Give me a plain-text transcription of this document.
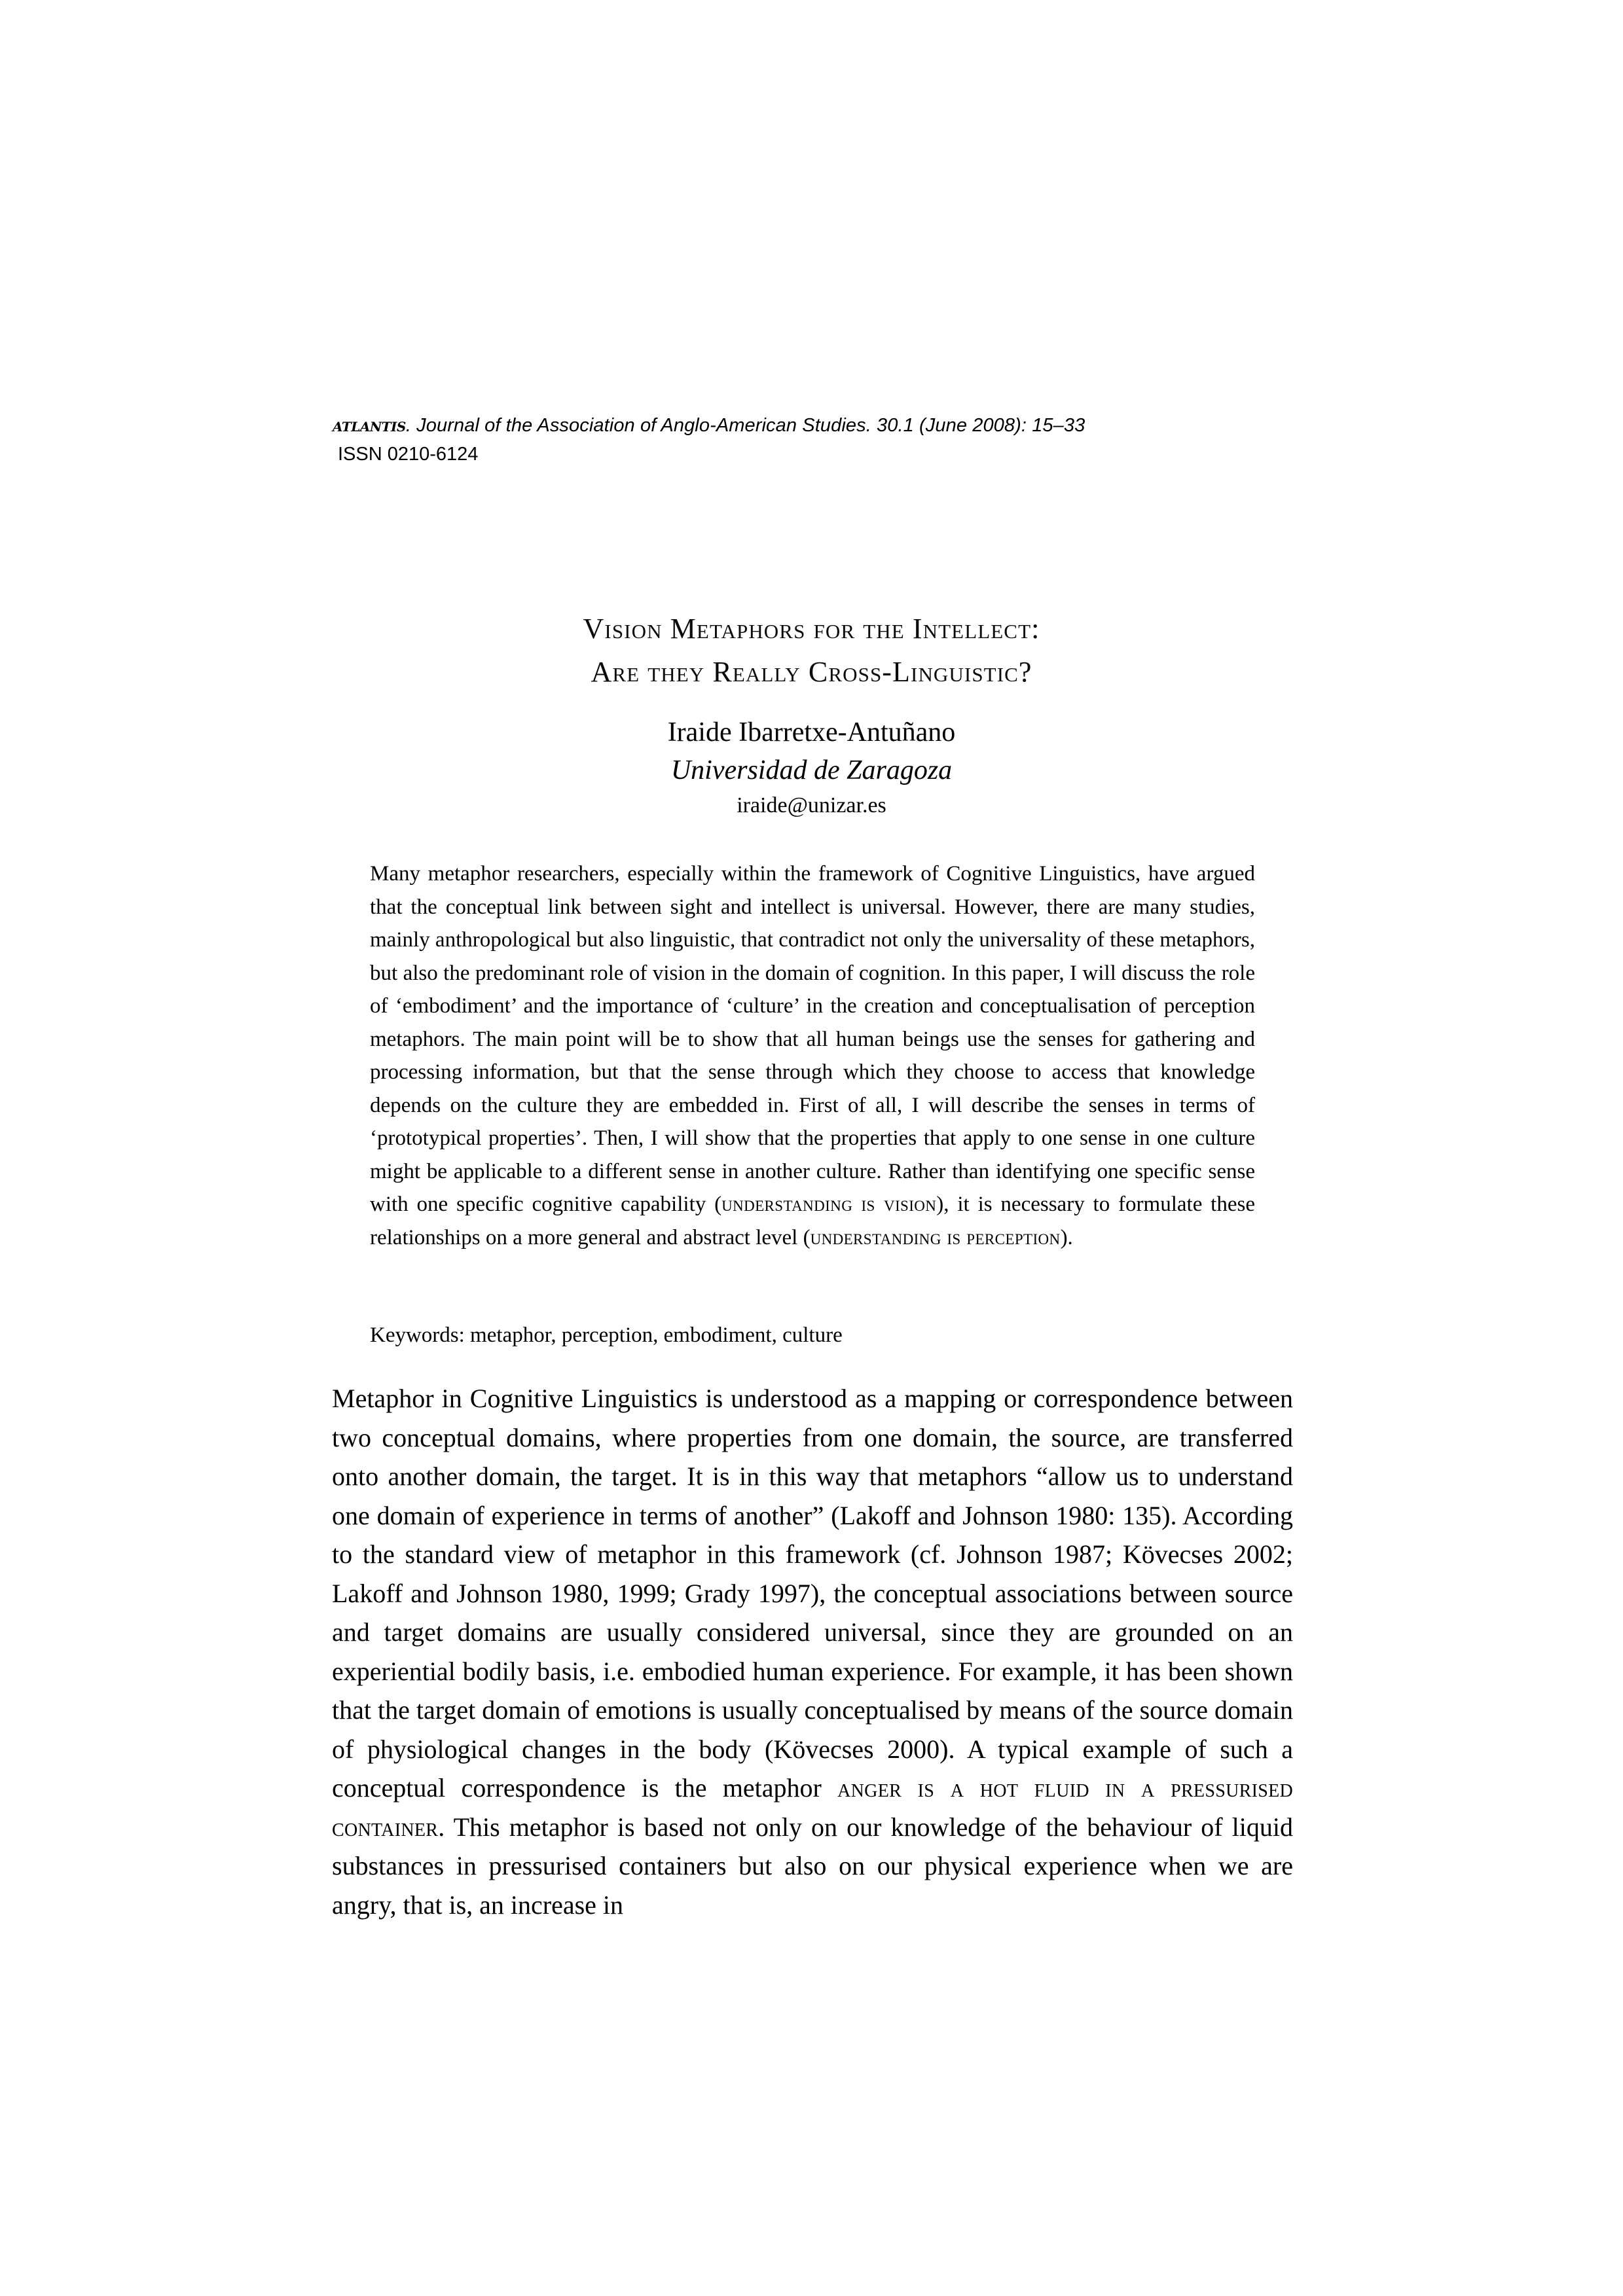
atlantis. Journal of the Association of Anglo-American Studies. 30.1 (June 2008): 15–33
ISSN 0210-6124
Vision Metaphors for the Intellect:
Are they Really Cross-Linguistic?
Iraide Ibarretxe-Antuñano
Universidad de Zaragoza
iraide@unizar.es
Many metaphor researchers, especially within the framework of Cognitive Linguistics, have argued that the conceptual link between sight and intellect is universal. However, there are many studies, mainly anthropological but also linguistic, that contradict not only the universality of these metaphors, but also the predominant role of vision in the domain of cognition. In this paper, I will discuss the role of ‘embodiment’ and the importance of ‘culture’ in the creation and conceptualisation of perception metaphors. The main point will be to show that all human beings use the senses for gathering and processing information, but that the sense through which they choose to access that knowledge depends on the culture they are embedded in. First of all, I will describe the senses in terms of ‘prototypical properties’. Then, I will show that the properties that apply to one sense in one culture might be applicable to a different sense in another culture. Rather than identifying one specific sense with one specific cognitive capability (understanding is vision), it is necessary to formulate these relationships on a more general and abstract level (understanding is perception).
Keywords: metaphor, perception, embodiment, culture
Metaphor in Cognitive Linguistics is understood as a mapping or correspondence between two conceptual domains, where properties from one domain, the source, are transferred onto another domain, the target. It is in this way that metaphors “allow us to understand one domain of experience in terms of another” (Lakoff and Johnson 1980: 135). According to the standard view of metaphor in this framework (cf. Johnson 1987; Kövecses 2002; Lakoff and Johnson 1980, 1999; Grady 1997), the conceptual associations between source and target domains are usually considered universal, since they are grounded on an experiential bodily basis, i.e. embodied human experience. For example, it has been shown that the target domain of emotions is usually conceptualised by means of the source domain of physiological changes in the body (Kövecses 2000). A typical example of such a conceptual correspondence is the metaphor anger is a hot fluid in a pressurised container. This metaphor is based not only on our knowledge of the behaviour of liquid substances in pressurised containers but also on our physical experience when we are angry, that is, an increase in
